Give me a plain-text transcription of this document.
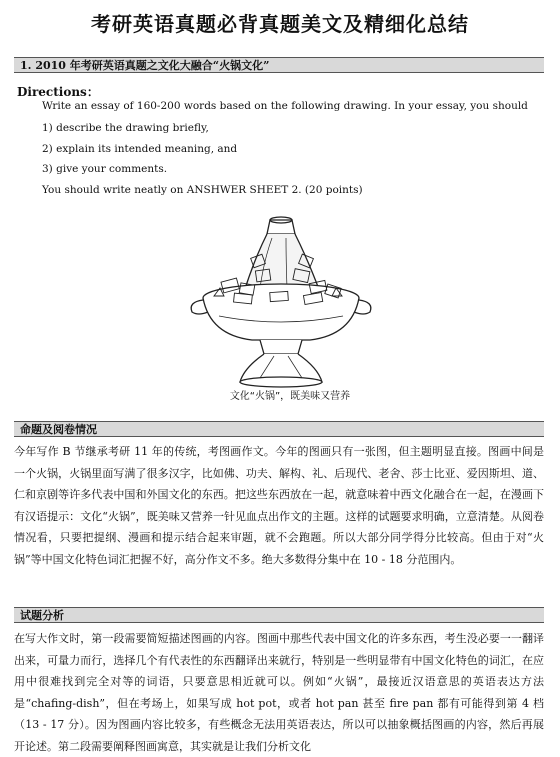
考研英语真题必背真题美文及精细化总结
1. 2010 年考研英语真题之文化大融合“火锅文化”
Directions：
Write an essay of 160-200 words based on the following drawing. In your essay, you should
1) describe the drawing briefly,
2) explain its intended meaning, and
3) give your comments.
You should write neatly on ANSHWER SHEET 2. (20 points)
文化“火锅”，既美味又营养
命题及阅卷情况
今年写作 B 节继承考研 11 年的传统，考图画作文。今年的图画只有一张图，但主题明显直接。图画中间是一个火锅，火锅里面写满了很多汉字，比如佛、功夫、解构、礼、后现代、老舍、莎士比亚、爱因斯坦、道、仁和京剧等许多代表中国和外国文化的东西。把这些东西放在一起，就意味着中西文化融合在一起，在漫画下有汉语提示：文化“火锅”，既美味又营养一针见血点出作文的主题。这样的试题要求明确，立意清楚。从阅卷情况看，只要把提纲、漫画和提示结合起来审题，就不会跑题。所以大部分同学得分比较高。但由于对“火锅”等中国文化特色词汇把握不好，高分作文不多。绝大多数得分集中在 10 - 18 分范围内。
试题分析
在写大作文时，第一段需要简短描述图画的内容。图画中那些代表中国文化的许多东西，考生没必要一一翻译出来，可量力而行，选择几个有代表性的东西翻译出来就行，特别是一些明显带有中国文化特色的词汇，在应用中很难找到完全对等的词语，只要意思相近就可以。例如“火锅”，最接近汉语意思的英语表达方法是“chafing-dish”，但在考场上，如果写成 hot pot，或者 hot pan 甚至 fire pan 都有可能得到第 4 档（13 - 17 分）。因为图画内容比较多，有些概念无法用英语表达，所以可以抽象概括图画的内容，然后再展开论述。第二段需要阐释图画寓意，其实就是让我们分析文化
